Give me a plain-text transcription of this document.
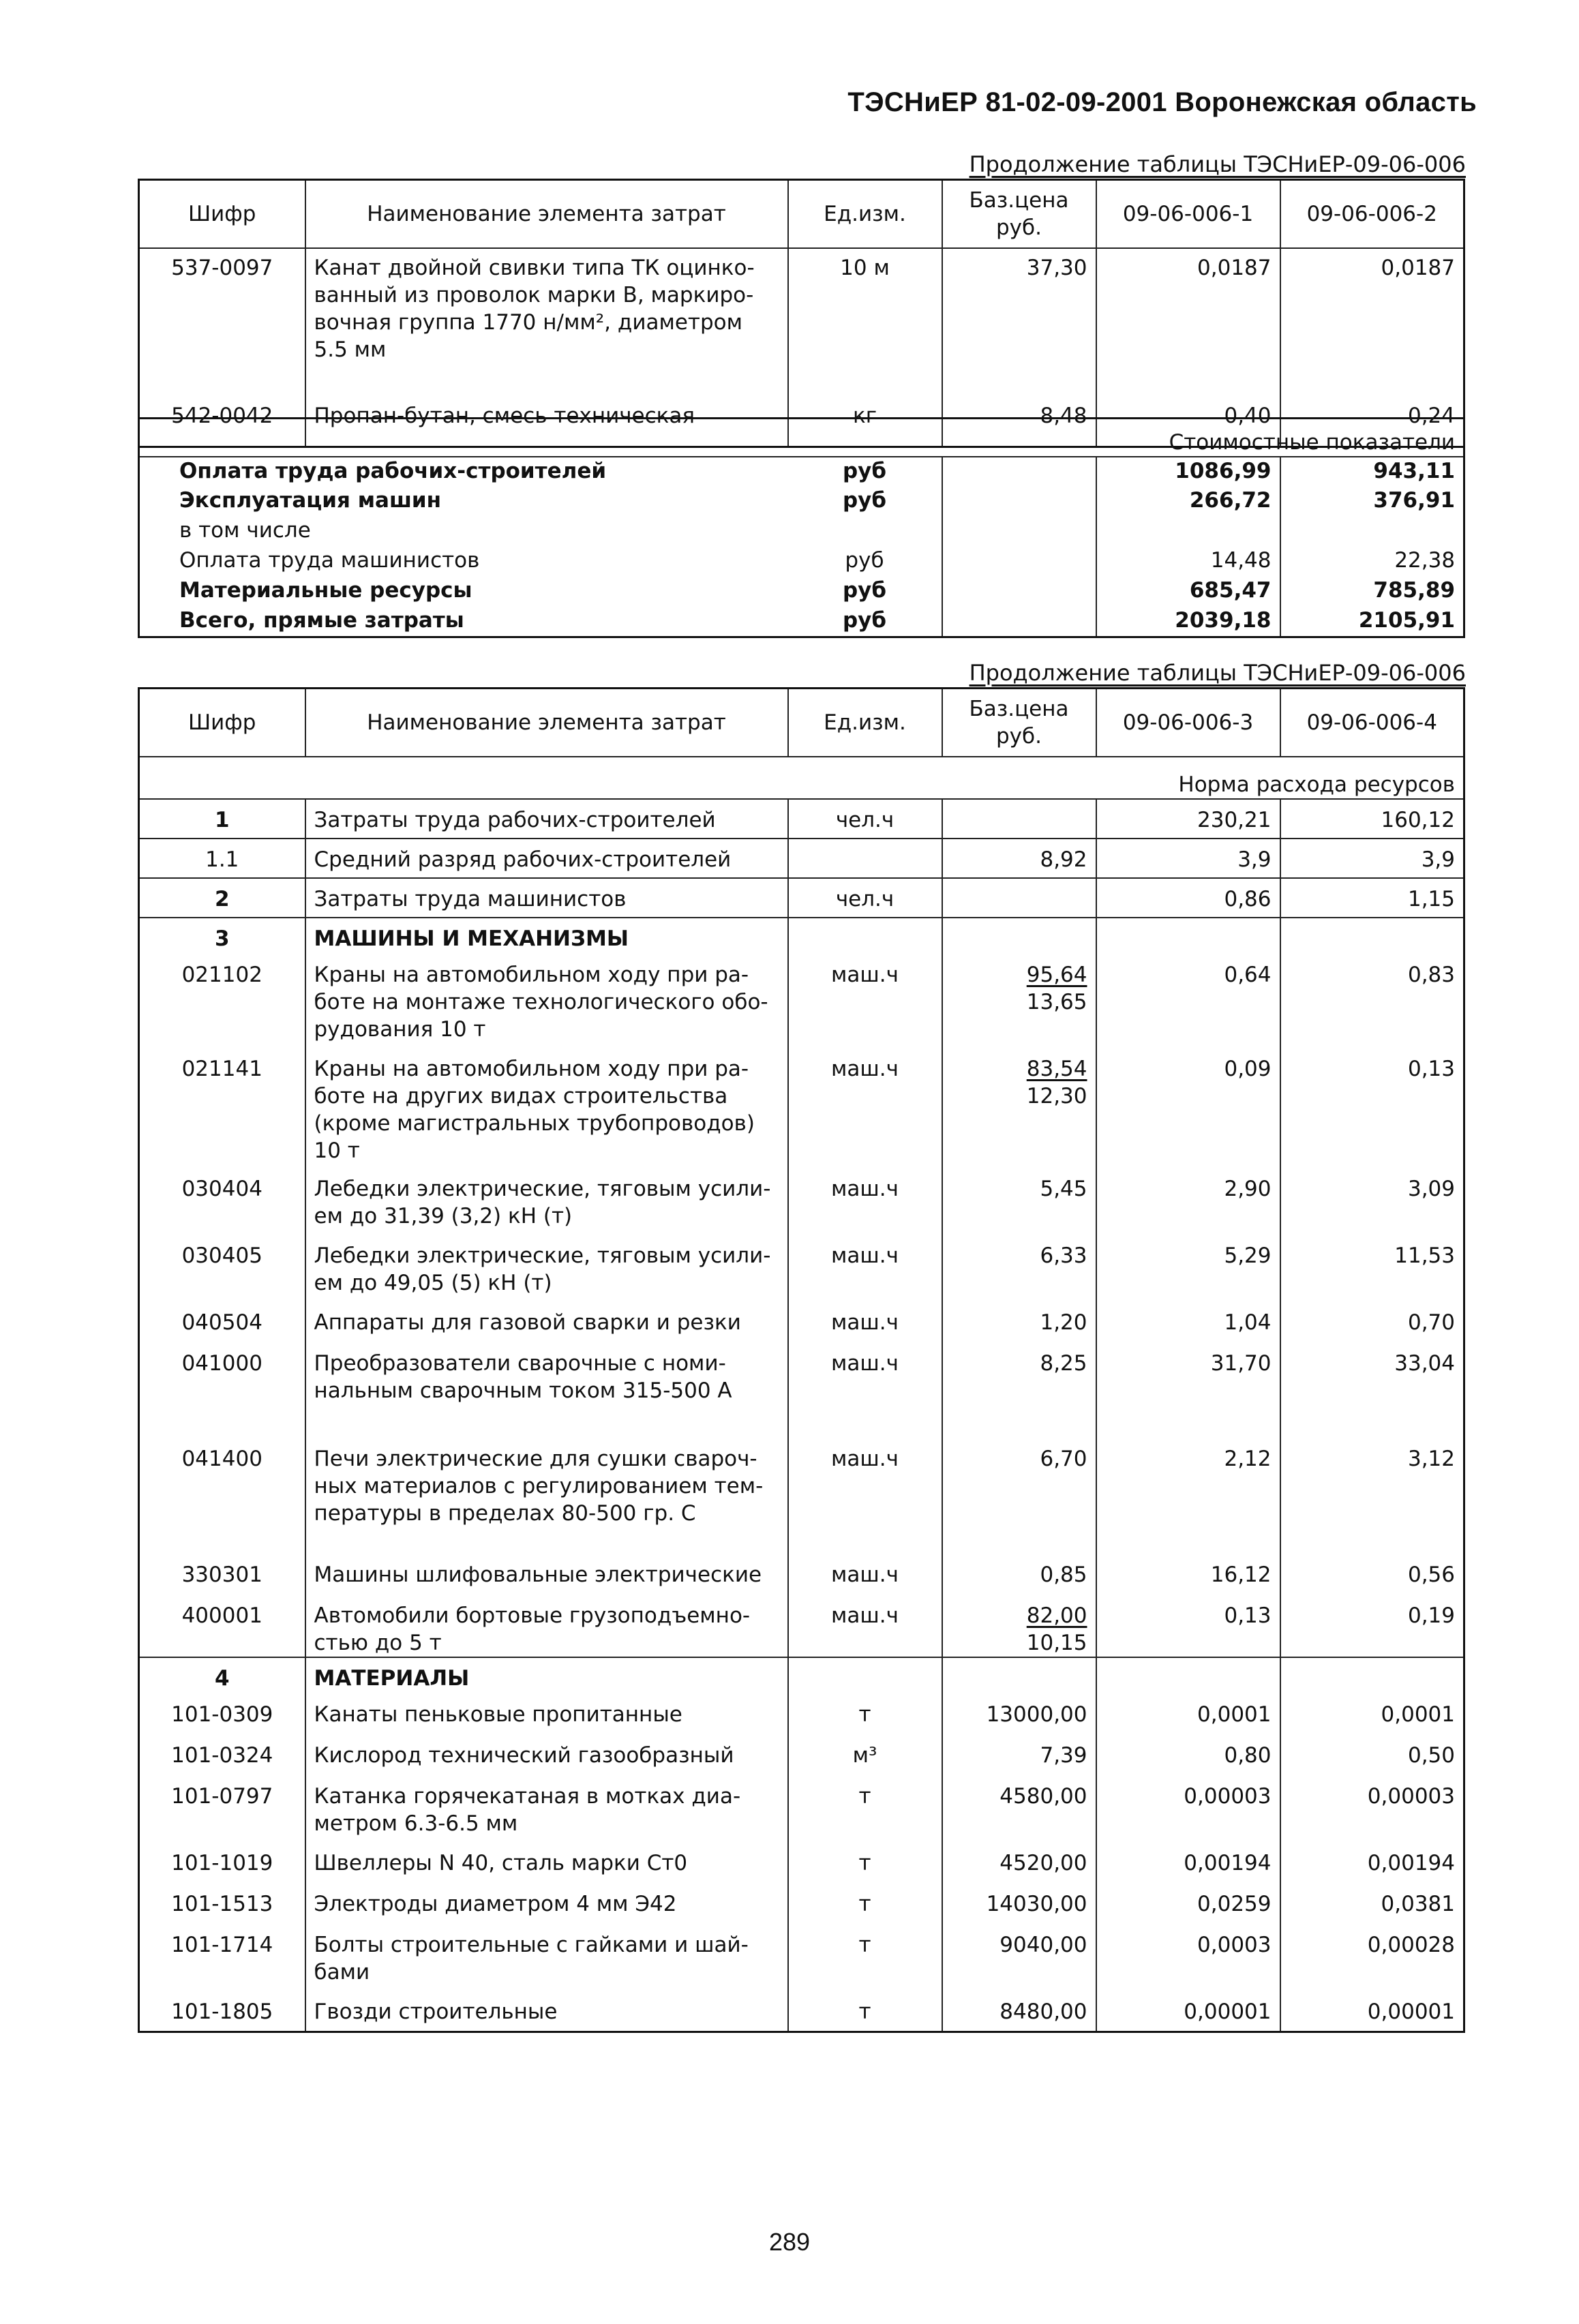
ТЭСНиЕР 81-02-09-2001 Воронежская область
Продолжение таблицы ТЭСНиЕР-09-06-006
Шифр	Наименование элемента затрат	Ед.изм.	Баз.цена
руб.	09-06-006-1	09-06-006-2
537-0097	Канат двойной свивки типа ТК оцинко-
ванный из проволок марки В, маркиро-
вочная группа 1770 н/мм², диаметром
5.5 мм	10 м	37,30	0,0187	0,0187
542-0042	Пропан-бутан, смесь техническая	кг	8,48	0,40	0,24
Стоимостные показатели				
Оплата труда рабочих-строителей	руб		1086,99	943,11
Эксплуатация машин	руб		266,72	376,91
в том числе				
Оплата труда машинистов	руб		14,48	22,38
Материальные ресурсы	руб		685,47	785,89
Всего, прямые затраты	руб		2039,18	2105,91
Продолжение таблицы ТЭСНиЕР-09-06-006
Шифр	Наименование элемента затрат	Ед.изм.	Баз.цена
руб.	09-06-006-3	09-06-006-4
Норма расхода ресурсов					
1	Затраты труда рабочих-строителей	чел.ч		230,21	160,12
1.1	Средний разряд рабочих-строителей		8,92	3,9	3,9
2	Затраты труда машинистов	чел.ч		0,86	1,15
3	МАШИНЫ И МЕХАНИЗМЫ				
021102	Краны на автомобильном ходу при ра-
боте на монтаже технологического обо-
рудования 10 т	маш.ч	95,64
13,65	0,64	0,83
021141	Краны на автомобильном ходу при ра-
боте на других видах строительства
(кроме магистральных трубопроводов)
10 т	маш.ч	83,54
12,30	0,09	0,13
030404	Лебедки электрические, тяговым усили-
ем до 31,39 (3,2) кН (т)	маш.ч	5,45	2,90	3,09
030405	Лебедки электрические, тяговым усили-
ем до 49,05 (5) кН (т)	маш.ч	6,33	5,29	11,53
040504	Аппараты для газовой сварки и резки	маш.ч	1,20	1,04	0,70
041000	Преобразователи сварочные с номи-
нальным сварочным током 315-500 А	маш.ч	8,25	31,70	33,04
041400	Печи электрические для сушки свароч-
ных материалов с регулированием тем-
пературы в пределах 80-500 гр. С	маш.ч	6,70	2,12	3,12
330301	Машины шлифовальные электрические	маш.ч	0,85	16,12	0,56
400001	Автомобили бортовые грузоподъемно-
стью до 5 т	маш.ч	82,00
10,15	0,13	0,19
4	МАТЕРИАЛЫ				
101-0309	Канаты пеньковые пропитанные	т	13000,00	0,0001	0,0001
101-0324	Кислород технический газообразный	м³	7,39	0,80	0,50
101-0797	Катанка горячекатаная в мотках диа-
метром 6.3-6.5 мм	т	4580,00	0,00003	0,00003
101-1019	Швеллеры N 40, сталь марки Ст0	т	4520,00	0,00194	0,00194
101-1513	Электроды диаметром 4 мм Э42	т	14030,00	0,0259	0,0381
101-1714	Болты строительные с гайками и шай-
бами	т	9040,00	0,0003	0,00028
101-1805	Гвозди строительные	т	8480,00	0,00001	0,00001
289
